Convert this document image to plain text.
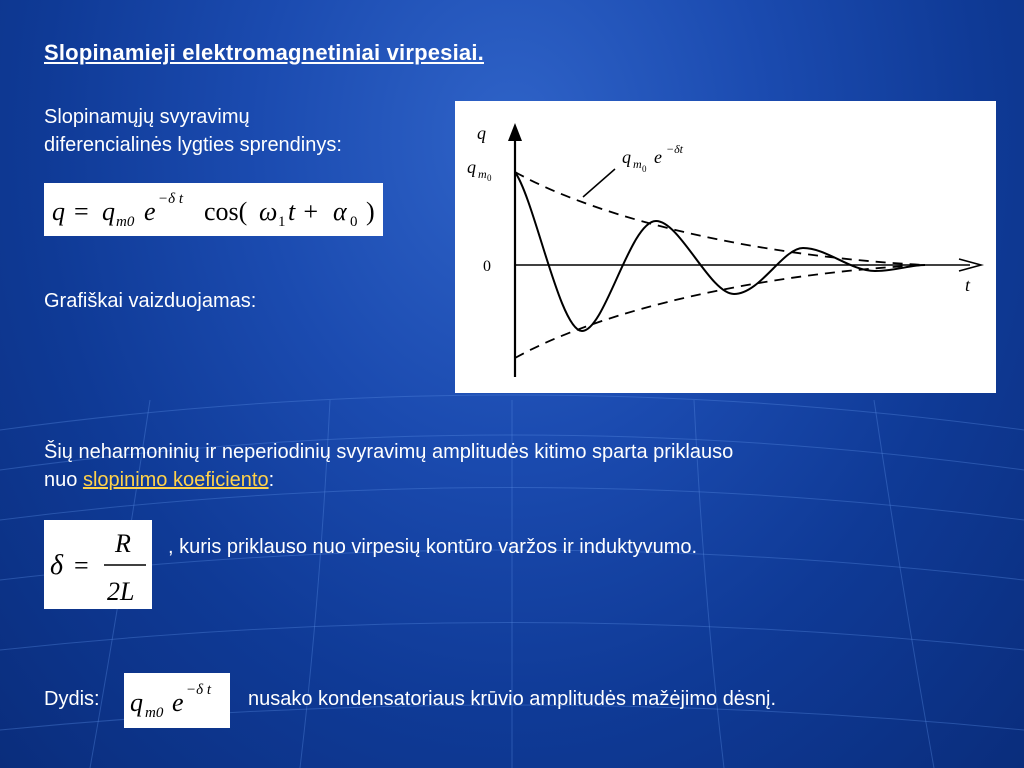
Slopinamieji elektromagnetiniai virpesiai.

Slopinamųjų svyravimų
diferencialinės lygties sprendinys:

q = q m0 e −δ t cos( ω 1 t + α 0 )

Grafiškai vaizduojamas:

q
t
0
q m 0
q m 0
e −δt

Šių neharmoninių ir neperiodinių svyravimų amplitudės kitimo sparta priklauso
nuo slopinimo koeficiento:

δ =
R
2L

, kuris priklauso nuo virpesių kontūro varžos ir induktyvumo.

Dydis: q m0 e −δ t nusako kondensatoriaus krūvio amplitudės mažėjimo dėsnį.
